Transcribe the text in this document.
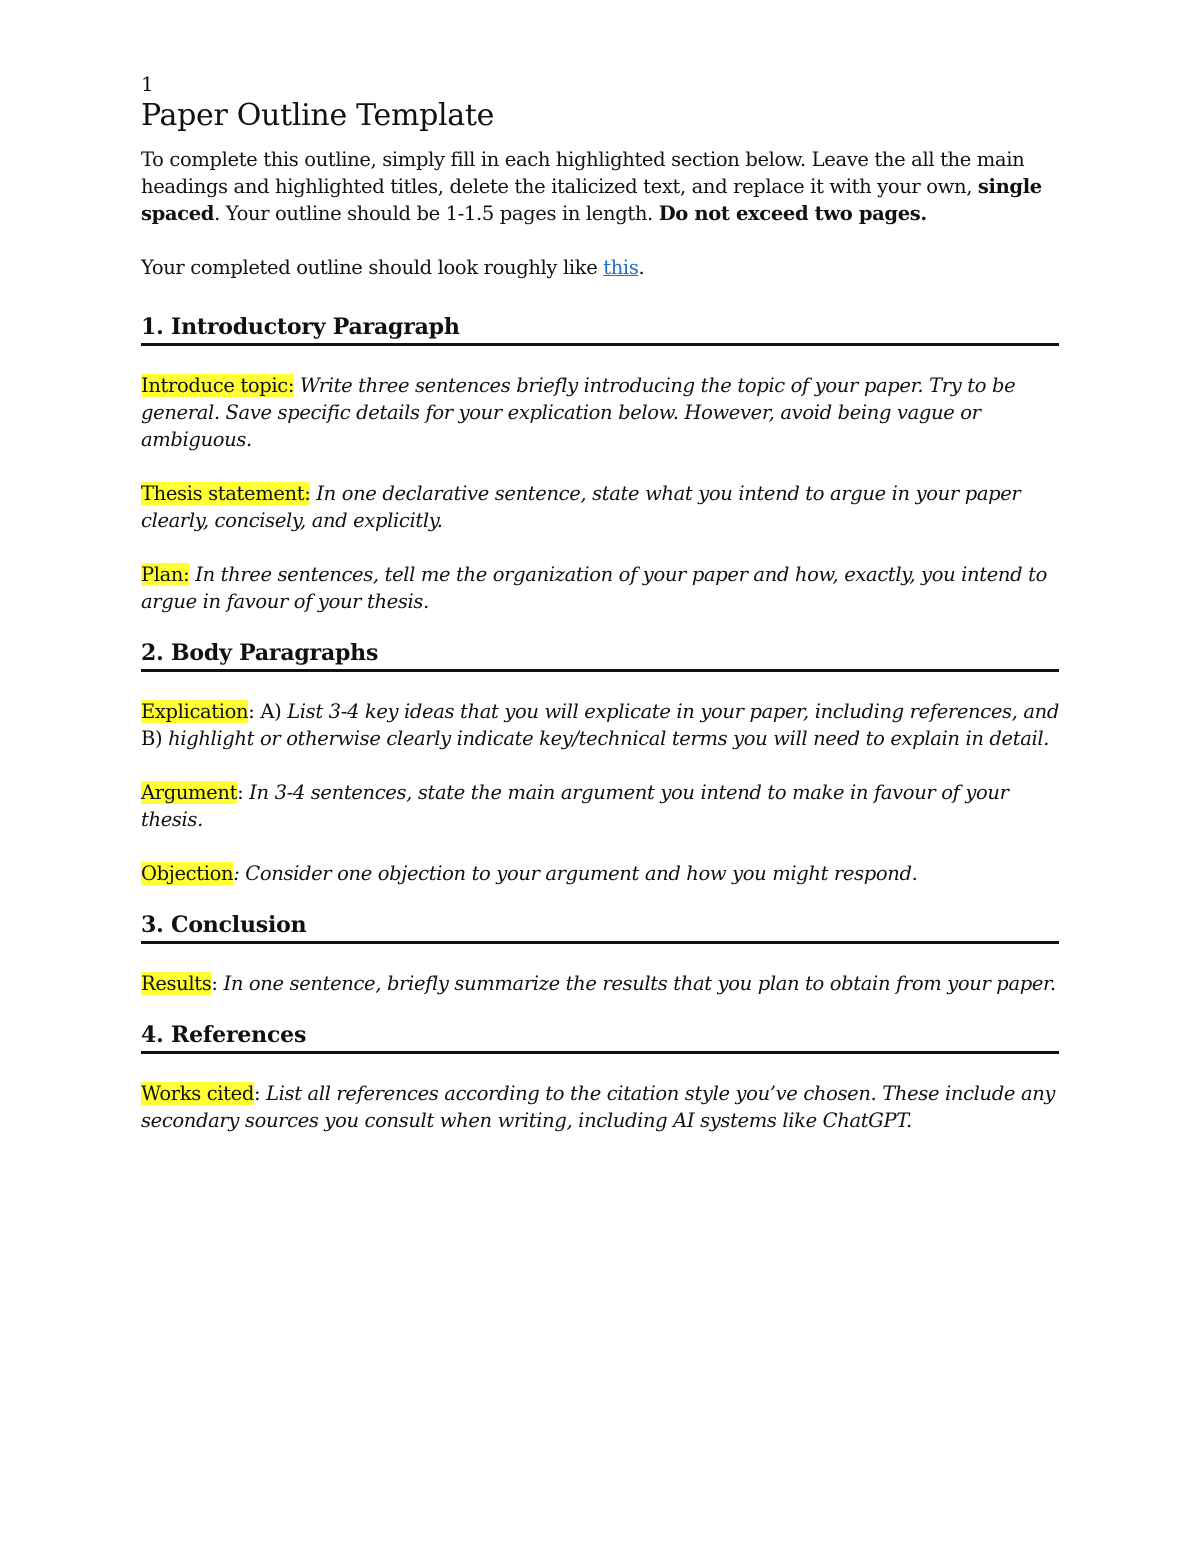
1
Paper Outline Template

To complete this outline, simply fill in each highlighted section below. Leave the all the main headings and highlighted titles, delete the italicized text, and replace it with your own, single spaced. Your outline should be 1-1.5 pages in length. Do not exceed two pages.

Your completed outline should look roughly like this.

1. Introductory Paragraph

Introduce topic: Write three sentences briefly introducing the topic of your paper. Try to be general. Save specific details for your explication below. However, avoid being vague or ambiguous.

Thesis statement: In one declarative sentence, state what you intend to argue in your paper clearly, concisely, and explicitly.

Plan: In three sentences, tell me the organization of your paper and how, exactly, you intend to argue in favour of your thesis.

2. Body Paragraphs

Explication: A) List 3-4 key ideas that you will explicate in your paper, including references, and B) highlight or otherwise clearly indicate key/technical terms you will need to explain in detail.

Argument: In 3-4 sentences, state the main argument you intend to make in favour of your thesis.

Objection: Consider one objection to your argument and how you might respond.

3. Conclusion

Results: In one sentence, briefly summarize the results that you plan to obtain from your paper.

4. References

Works cited: List all references according to the citation style you’ve chosen. These include any secondary sources you consult when writing, including AI systems like ChatGPT.
